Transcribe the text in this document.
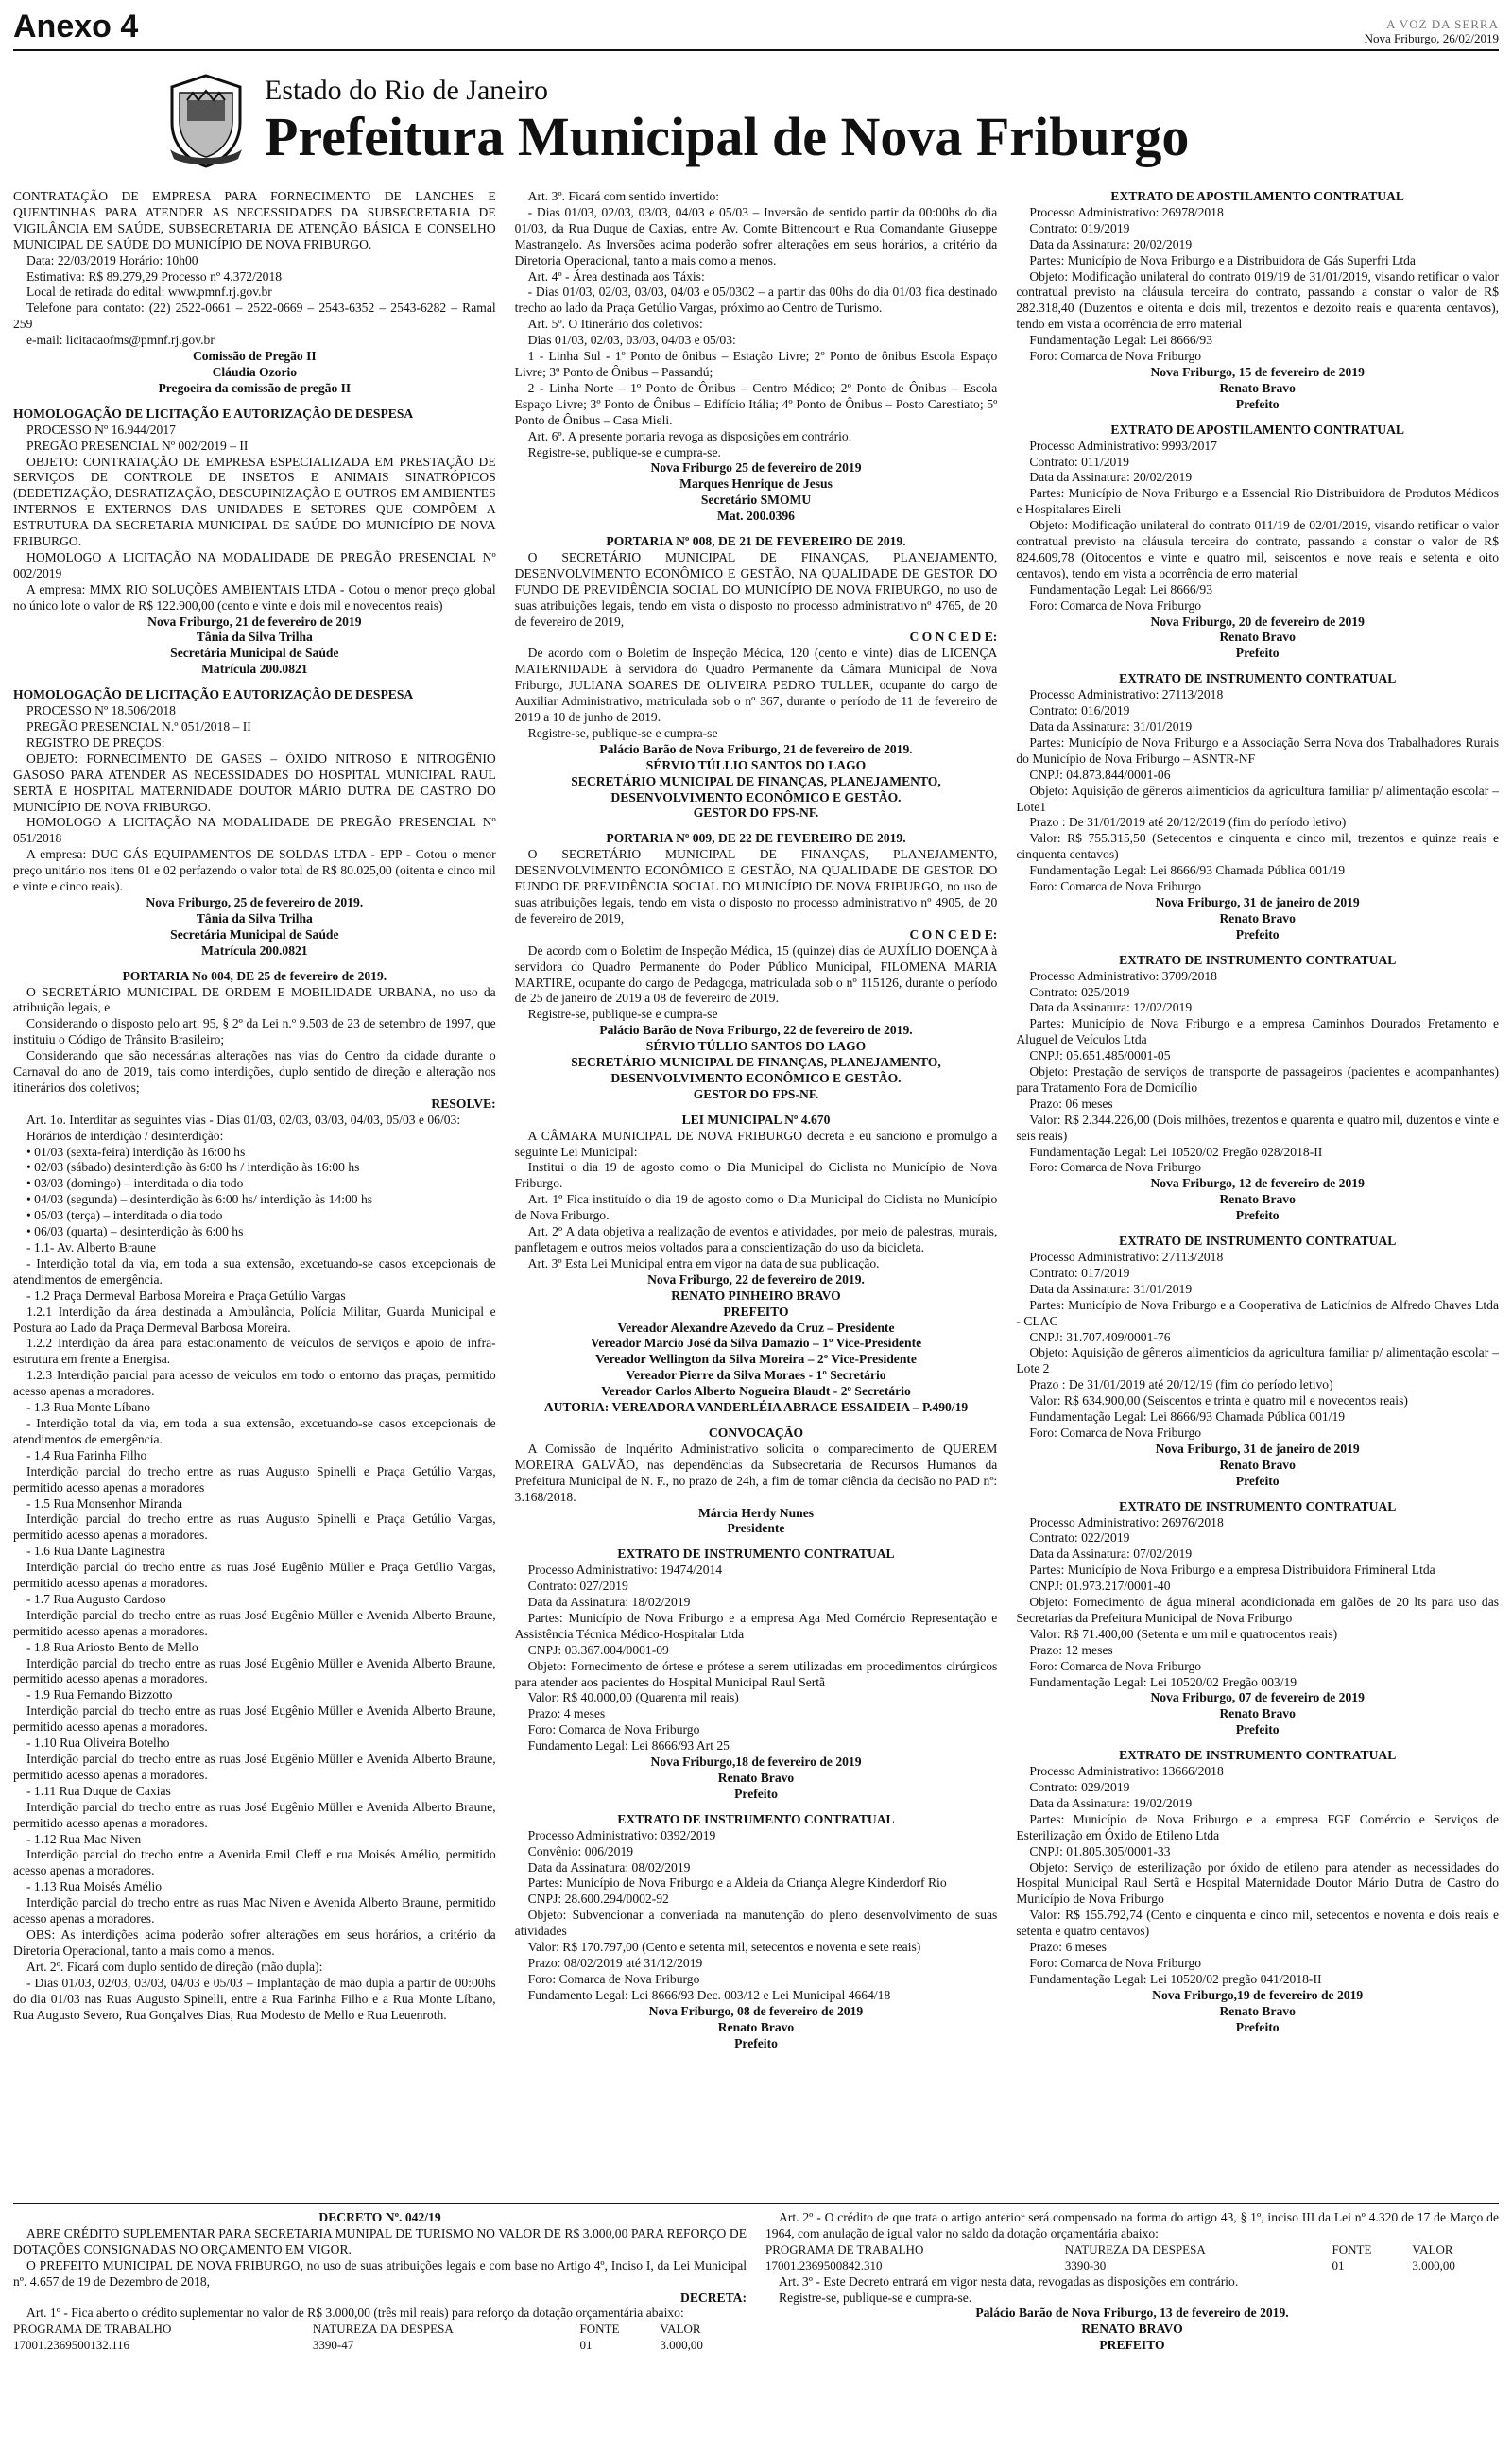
Anexo 4	A VOZ DA SERRA
Nova Friburgo, 26/02/2019
Estado do Rio de Janeiro
Prefeitura Municipal de Nova Friburgo

CONTRATAÇÃO DE EMPRESA PARA FORNECIMENTO DE LANCHES E QUENTINHAS PARA ATENDER AS NECESSIDADES DA SUBSECRETARIA DE VIGILÂNCIA EM SAÚDE, SUBSECRETARIA DE ATENÇÃO BÁSICA E CONSELHO MUNICIPAL DE SAÚDE DO MUNICÍPIO DE NOVA FRIBURGO.

Data: 22/03/2019 Horário: 10h00

Estimativa: R$ 89.279,29 Processo nº 4.372/2018

Local de retirada do edital: www.pmnf.rj.gov.br

Telefone para contato: (22) 2522-0661 – 2522-0669 – 2543-6352 – 2543-6282 – Ramal 259

e-mail: licitacaofms@pmnf.rj.gov.br

Comissão de Pregão II

Cláudia Ozorio

Pregoeira da comissão de pregão II

HOMOLOGAÇÃO DE LICITAÇÃO E AUTORIZAÇÃO DE DESPESA

PROCESSO Nº 16.944/2017

PREGÃO PRESENCIAL Nº 002/2019 – II

OBJETO: CONTRATAÇÃO DE EMPRESA ESPECIALIZADA EM PRESTAÇÃO DE SERVIÇOS DE CONTROLE DE INSETOS E ANIMAIS SINATRÓPICOS (DEDETIZAÇÃO, DESRATIZAÇÃO, DESCUPINIZAÇÃO E OUTROS EM AMBIENTES INTERNOS E EXTERNOS DAS UNIDADES E SETORES QUE COMPÕEM A ESTRUTURA DA SECRETARIA MUNICIPAL DE SAÚDE DO MUNICÍPIO DE NOVA FRIBURGO.

HOMOLOGO A LICITAÇÃO NA MODALIDADE DE PREGÃO PRESENCIAL Nº 002/2019

A empresa: MMX RIO SOLUÇÕES AMBIENTAIS LTDA - Cotou o menor preço global no único lote o valor de R$ 122.900,00 (cento e vinte e dois mil e novecentos reais)

Nova Friburgo, 21 de fevereiro de 2019

Tânia da Silva Trilha

Secretária Municipal de Saúde

Matrícula 200.0821

HOMOLOGAÇÃO DE LICITAÇÃO E AUTORIZAÇÃO DE DESPESA

PROCESSO Nº 18.506/2018

PREGÃO PRESENCIAL N.º 051/2018 – II

REGISTRO DE PREÇOS:

OBJETO: FORNECIMENTO DE GASES – ÓXIDO NITROSO E NITROGÊNIO GASOSO PARA ATENDER AS NECESSIDADES DO HOSPITAL MUNICIPAL RAUL SERTÃ E HOSPITAL MATERNIDADE DOUTOR MÁRIO DUTRA DE CASTRO DO MUNICÍPIO DE NOVA FRIBURGO.

HOMOLOGO A LICITAÇÃO NA MODALIDADE DE PREGÃO PRESENCIAL Nº 051/2018

A empresa: DUC GÁS EQUIPAMENTOS DE SOLDAS LTDA - EPP - Cotou o menor preço unitário nos itens 01 e 02 perfazendo o valor total de R$ 80.025,00 (oitenta e cinco mil e vinte e cinco reais).

Nova Friburgo, 25 de fevereiro de 2019.

Tânia da Silva Trilha

Secretária Municipal de Saúde

Matrícula 200.0821

PORTARIA No 004, DE 25 de fevereiro de 2019.

O SECRETÁRIO MUNICIPAL DE ORDEM E MOBILIDADE URBANA, no uso da atribuição legais, e

Considerando o disposto pelo art. 95, § 2º da Lei n.º 9.503 de 23 de setembro de 1997, que instituiu o Código de Trânsito Brasileiro;

Considerando que são necessárias alterações nas vias do Centro da cidade durante o Carnaval do ano de 2019, tais como interdições, duplo sentido de direção e alteração nos itinerários dos coletivos;

RESOLVE:

Art. 1o. Interditar as seguintes vias - Dias 01/03, 02/03, 03/03, 04/03, 05/03 e 06/03:

Horários de interdição / desinterdição:

• 01/03 (sexta-feira) interdição às 16:00 hs

• 02/03 (sábado) desinterdição às 6:00 hs / interdição às 16:00 hs

• 03/03 (domingo) – interditada o dia todo

• 04/03 (segunda) – desinterdição às 6:00 hs/ interdição às 14:00 hs

• 05/03 (terça) – interditada o dia todo

• 06/03 (quarta) – desinterdição às 6:00 hs

- 1.1- Av. Alberto Braune

- Interdição total da via, em toda a sua extensão, excetuando-se casos excepcionais de atendimentos de emergência.

- 1.2 Praça Dermeval Barbosa Moreira e Praça Getúlio Vargas

1.2.1 Interdição da área destinada a Ambulância, Polícia Militar, Guarda Municipal e Postura ao Lado da Praça Dermeval Barbosa Moreira.

1.2.2 Interdição da área para estacionamento de veículos de serviços e apoio de infra-estrutura em frente a Energisa.

1.2.3 Interdição parcial para acesso de veículos em todo o entorno das praças, permitido acesso apenas a moradores.

- 1.3 Rua Monte Líbano

- Interdição total da via, em toda a sua extensão, excetuando-se casos excepcionais de atendimentos de emergência.

- 1.4 Rua Farinha Filho

Interdição parcial do trecho entre as ruas Augusto Spinelli e Praça Getúlio Vargas, permitido acesso apenas a moradores

- 1.5 Rua Monsenhor Miranda

Interdição parcial do trecho entre as ruas Augusto Spinelli e Praça Getúlio Vargas, permitido acesso apenas a moradores.

- 1.6 Rua Dante Laginestra

Interdição parcial do trecho entre as ruas José Eugênio Müller e Praça Getúlio Vargas, permitido acesso apenas a moradores.

- 1.7 Rua Augusto Cardoso

Interdição parcial do trecho entre as ruas José Eugênio Müller e Avenida Alberto Braune, permitido acesso apenas a moradores.

- 1.8 Rua Ariosto Bento de Mello

Interdição parcial do trecho entre as ruas José Eugênio Müller e Avenida Alberto Braune, permitido acesso apenas a moradores.

- 1.9 Rua Fernando Bizzotto

Interdição parcial do trecho entre as ruas José Eugênio Müller e Avenida Alberto Braune, permitido acesso apenas a moradores.

- 1.10 Rua Oliveira Botelho

Interdição parcial do trecho entre as ruas José Eugênio Müller e Avenida Alberto Braune, permitido acesso apenas a moradores.

- 1.11 Rua Duque de Caxias

Interdição parcial do trecho entre as ruas José Eugênio Müller e Avenida Alberto Braune, permitido acesso apenas a moradores.

- 1.12 Rua Mac Niven

Interdição parcial do trecho entre a Avenida Emil Cleff e rua Moisés Amélio, permitido acesso apenas a moradores.

- 1.13 Rua Moisés Amélio

Interdição parcial do trecho entre as ruas Mac Niven e Avenida Alberto Braune, permitido acesso apenas a moradores.

OBS: As interdições acima poderão sofrer alterações em seus horários, a critério da Diretoria Operacional, tanto a mais como a menos.

Art. 2º. Ficará com duplo sentido de direção (mão dupla):

- Dias 01/03, 02/03, 03/03, 04/03 e 05/03 – Implantação de mão dupla a partir de 00:00hs do dia 01/03 nas Ruas Augusto Spinelli, entre a Rua Farinha Filho e a Rua Monte Líbano, Rua Augusto Severo, Rua Gonçalves Dias, Rua Modesto de Mello e Rua Leuenroth.

Art. 3º. Ficará com sentido invertido:

- Dias 01/03, 02/03, 03/03, 04/03 e 05/03 – Inversão de sentido partir da 00:00hs do dia 01/03, da Rua Duque de Caxias, entre Av. Comte Bittencourt e Rua Comandante Giuseppe Mastrangelo. As Inversões acima poderão sofrer alterações em seus horários, a critério da Diretoria Operacional, tanto a mais como a menos.

Art. 4º - Área destinada aos Táxis:

- Dias 01/03, 02/03, 03/03, 04/03 e 05/0302 – a partir das 00hs do dia 01/03 fica destinado trecho ao lado da Praça Getúlio Vargas, próximo ao Centro de Turismo.

Art. 5º. O Itinerário dos coletivos:

Dias 01/03, 02/03, 03/03, 04/03 e 05/03:

1 - Linha Sul - 1º Ponto de ônibus – Estação Livre; 2º Ponto de ônibus Escola Espaço Livre; 3º Ponto de Ônibus – Passandú;

2 - Linha Norte – 1º Ponto de Ônibus – Centro Médico; 2º Ponto de Ônibus – Escola Espaço Livre; 3º Ponto de Ônibus – Edifício Itália; 4º Ponto de Ônibus – Posto Carestiato; 5º Ponto de Ônibus – Casa Mieli.

Art. 6º. A presente portaria revoga as disposições em contrário.

Registre-se, publique-se e cumpra-se.

Nova Friburgo 25 de fevereiro de 2019

Marques Henrique de Jesus

Secretário SMOMU

Mat. 200.0396

PORTARIA Nº 008, DE 21 DE FEVEREIRO DE 2019.

O SECRETÁRIO MUNICIPAL DE FINANÇAS, PLANEJAMENTO, DESENVOLVIMENTO ECONÔMICO E GESTÃO, NA QUALIDADE DE GESTOR DO FUNDO DE PREVIDÊNCIA SOCIAL DO MUNICÍPIO DE NOVA FRIBURGO, no uso de suas atribuições legais, tendo em vista o disposto no processo administrativo nº 4765, de 20 de fevereiro de 2019,

C O N C E D E:

De acordo com o Boletim de Inspeção Médica, 120 (cento e vinte) dias de LICENÇA MATERNIDADE à servidora do Quadro Permanente da Câmara Municipal de Nova Friburgo, JULIANA SOARES DE OLIVEIRA PEDRO TULLER, ocupante do cargo de Auxiliar Administrativo, matriculada sob o nº 367, durante o período de 11 de fevereiro de 2019 a 10 de junho de 2019.

Registre-se, publique-se e cumpra-se

Palácio Barão de Nova Friburgo, 21 de fevereiro de 2019.

SÉRVIO TÚLLIO SANTOS DO LAGO

SECRETÁRIO MUNICIPAL DE FINANÇAS, PLANEJAMENTO, DESENVOLVIMENTO ECONÔMICO E GESTÃO.

GESTOR DO FPS-NF.

PORTARIA Nº 009, DE 22 DE FEVEREIRO DE 2019.

O SECRETÁRIO MUNICIPAL DE FINANÇAS, PLANEJAMENTO, DESENVOLVIMENTO ECONÔMICO E GESTÃO, NA QUALIDADE DE GESTOR DO FUNDO DE PREVIDÊNCIA SOCIAL DO MUNICÍPIO DE NOVA FRIBURGO, no uso de suas atribuições legais, tendo em vista o disposto no processo administrativo nº 4905, de 20 de fevereiro de 2019,

C O N C E D E:

De acordo com o Boletim de Inspeção Médica, 15 (quinze) dias de AUXÍLIO DOENÇA à servidora do Quadro Permanente do Poder Público Municipal, FILOMENA MARIA MARTIRE, ocupante do cargo de Pedagoga, matriculada sob o nº 115126, durante o período de 25 de janeiro de 2019 a 08 de fevereiro de 2019.

Registre-se, publique-se e cumpra-se

Palácio Barão de Nova Friburgo, 22 de fevereiro de 2019.

SÉRVIO TÚLLIO SANTOS DO LAGO

SECRETÁRIO MUNICIPAL DE FINANÇAS, PLANEJAMENTO, DESENVOLVIMENTO ECONÔMICO E GESTÃO.

GESTOR DO FPS-NF.

LEI MUNICIPAL Nº 4.670

A CÂMARA MUNICIPAL DE NOVA FRIBURGO decreta e eu sanciono e promulgo a seguinte Lei Municipal:

Institui o dia 19 de agosto como o Dia Municipal do Ciclista no Município de Nova Friburgo.

Art. 1º Fica instituído o dia 19 de agosto como o Dia Municipal do Ciclista no Município de Nova Friburgo.

Art. 2º A data objetiva a realização de eventos e atividades, por meio de palestras, murais, panfletagem e outros meios voltados para a conscientização do uso da bicicleta.

Art. 3º Esta Lei Municipal entra em vigor na data de sua publicação.

Nova Friburgo, 22 de fevereiro de 2019.

RENATO PINHEIRO BRAVO

PREFEITO

Vereador Alexandre Azevedo da Cruz – Presidente

Vereador Marcio José da Silva Damazio – 1º Vice-Presidente

Vereador Wellington da Silva Moreira – 2º Vice-Presidente

Vereador Pierre da Silva Moraes - 1º Secretário

Vereador Carlos Alberto Nogueira Blaudt - 2º Secretário

AUTORIA: VEREADORA VANDERLÉIA ABRACE ESSAIDEIA – P.490/19

CONVOCAÇÃO

A Comissão de Inquérito Administrativo solicita o comparecimento de QUEREM MOREIRA GALVÃO, nas dependências da Subsecretaria de Recursos Humanos da Prefeitura Municipal de N. F., no prazo de 24h, a fim de tomar ciência da decisão no PAD nº: 3.168/2018.

Márcia Herdy Nunes

Presidente

EXTRATO DE INSTRUMENTO CONTRATUAL

Processo Administrativo: 19474/2014

Contrato: 027/2019

Data da Assinatura: 18/02/2019

Partes: Município de Nova Friburgo e a empresa Aga Med Comércio Representação e Assistência Técnica Médico-Hospitalar Ltda

CNPJ: 03.367.004/0001-09

Objeto: Fornecimento de órtese e prótese a serem utilizadas em procedimentos cirúrgicos para atender aos pacientes do Hospital Municipal Raul Sertã

Valor: R$ 40.000,00 (Quarenta mil reais)

Prazo: 4 meses

Foro: Comarca de Nova Friburgo

Fundamento Legal: Lei 8666/93 Art 25

Nova Friburgo,18 de fevereiro de 2019

Renato Bravo

Prefeito

EXTRATO DE INSTRUMENTO CONTRATUAL

Processo Administrativo: 0392/2019

Convênio: 006/2019

Data da Assinatura: 08/02/2019

Partes: Município de Nova Friburgo e a Aldeia da Criança Alegre Kinderdorf Rio

CNPJ: 28.600.294/0002-92

Objeto: Subvencionar a conveniada na manutenção do pleno desenvolvimento de suas atividades

Valor: R$ 170.797,00 (Cento e setenta mil, setecentos e noventa e sete reais)

Prazo: 08/02/2019 até 31/12/2019

Foro: Comarca de Nova Friburgo

Fundamento Legal: Lei 8666/93 Dec. 003/12 e Lei Municipal 4664/18

Nova Friburgo, 08 de fevereiro de 2019

Renato Bravo

Prefeito

EXTRATO DE APOSTILAMENTO CONTRATUAL

Processo Administrativo: 26978/2018

Contrato: 019/2019

Data da Assinatura: 20/02/2019

Partes: Município de Nova Friburgo e a Distribuidora de Gás Superfri Ltda

Objeto: Modificação unilateral do contrato 019/19 de 31/01/2019, visando retificar o valor contratual previsto na cláusula terceira do contrato, passando a constar o valor de R$ 282.318,40 (Duzentos e oitenta e dois mil, trezentos e dezoito reais e quarenta centavos), tendo em vista a ocorrência de erro material

Fundamentação Legal: Lei 8666/93

Foro: Comarca de Nova Friburgo

Nova Friburgo, 15 de fevereiro de 2019

Renato Bravo

Prefeito

EXTRATO DE APOSTILAMENTO CONTRATUAL

Processo Administrativo: 9993/2017

Contrato: 011/2019

Data da Assinatura: 20/02/2019

Partes: Município de Nova Friburgo e a Essencial Rio Distribuidora de Produtos Médicos e Hospitalares Eireli

Objeto: Modificação unilateral do contrato 011/19 de 02/01/2019, visando retificar o valor contratual previsto na cláusula terceira do contrato, passando a constar o valor de R$ 824.609,78 (Oitocentos e vinte e quatro mil, seiscentos e nove reais e setenta e oito centavos), tendo em vista a ocorrência de erro material

Fundamentação Legal: Lei 8666/93

Foro: Comarca de Nova Friburgo

Nova Friburgo, 20 de fevereiro de 2019

Renato Bravo

Prefeito

EXTRATO DE INSTRUMENTO CONTRATUAL

Processo Administrativo: 27113/2018

Contrato: 016/2019

Data da Assinatura: 31/01/2019

Partes: Município de Nova Friburgo e a Associação Serra Nova dos Trabalhadores Rurais do Município de Nova Friburgo – ASNTR-NF

CNPJ: 04.873.844/0001-06

Objeto: Aquisição de gêneros alimentícios da agricultura familiar p/ alimentação escolar – Lote1

Prazo : De 31/01/2019 até 20/12/2019 (fim do período letivo)

Valor: R$ 755.315,50 (Setecentos e cinquenta e cinco mil, trezentos e quinze reais e cinquenta centavos)

Fundamentação Legal: Lei 8666/93 Chamada Pública 001/19

Foro: Comarca de Nova Friburgo

Nova Friburgo, 31 de janeiro de 2019

Renato Bravo

Prefeito

EXTRATO DE INSTRUMENTO CONTRATUAL

Processo Administrativo: 3709/2018

Contrato: 025/2019

Data da Assinatura: 12/02/2019

Partes: Município de Nova Friburgo e a empresa Caminhos Dourados Fretamento e Aluguel de Veículos Ltda

CNPJ: 05.651.485/0001-05

Objeto: Prestação de serviços de transporte de passageiros (pacientes e acompanhantes) para Tratamento Fora de Domicílio

Prazo: 06 meses

Valor: R$ 2.344.226,00 (Dois milhões, trezentos e quarenta e quatro mil, duzentos e vinte e seis reais)

Fundamentação Legal: Lei 10520/02 Pregão 028/2018-II

Foro: Comarca de Nova Friburgo

Nova Friburgo, 12 de fevereiro de 2019

Renato Bravo

Prefeito

EXTRATO DE INSTRUMENTO CONTRATUAL

Processo Administrativo: 27113/2018

Contrato: 017/2019

Data da Assinatura: 31/01/2019

Partes: Município de Nova Friburgo e a Cooperativa de Laticínios de Alfredo Chaves Ltda - CLAC

CNPJ: 31.707.409/0001-76

Objeto: Aquisição de gêneros alimentícios da agricultura familiar p/ alimentação escolar – Lote 2

Prazo : De 31/01/2019 até 20/12/19 (fim do período letivo)

Valor: R$ 634.900,00 (Seiscentos e trinta e quatro mil e novecentos reais)

Fundamentação Legal: Lei 8666/93 Chamada Pública 001/19

Foro: Comarca de Nova Friburgo

Nova Friburgo, 31 de janeiro de 2019

Renato Bravo

Prefeito

EXTRATO DE INSTRUMENTO CONTRATUAL

Processo Administrativo: 26976/2018

Contrato: 022/2019

Data da Assinatura: 07/02/2019

Partes: Município de Nova Friburgo e a empresa Distribuidora Frimineral Ltda

CNPJ: 01.973.217/0001-40

Objeto: Fornecimento de água mineral acondicionada em galões de 20 lts para uso das Secretarias da Prefeitura Municipal de Nova Friburgo

Valor: R$ 71.400,00 (Setenta e um mil e quatrocentos reais)

Prazo: 12 meses

Foro: Comarca de Nova Friburgo

Fundamentação Legal: Lei 10520/02 Pregão 003/19

Nova Friburgo, 07 de fevereiro de 2019

Renato Bravo

Prefeito

EXTRATO DE INSTRUMENTO CONTRATUAL

Processo Administrativo: 13666/2018

Contrato: 029/2019

Data da Assinatura: 19/02/2019

Partes: Município de Nova Friburgo e a empresa FGF Comércio e Serviços de Esterilização em Óxido de Etileno Ltda

CNPJ: 01.805.305/0001-33

Objeto: Serviço de esterilização por óxido de etileno para atender as necessidades do Hospital Municipal Raul Sertã e Hospital Maternidade Doutor Mário Dutra de Castro do Município de Nova Friburgo

Valor: R$ 155.792,74 (Cento e cinquenta e cinco mil, setecentos e noventa e dois reais e setenta e quatro centavos)

Prazo: 6 meses

Foro: Comarca de Nova Friburgo

Fundamentação Legal: Lei 10520/02 pregão 041/2018-II

Nova Friburgo,19 de fevereiro de 2019

Renato Bravo

Prefeito

DECRETO Nº. 042/19

ABRE CRÉDITO SUPLEMENTAR PARA SECRETARIA MUNIPAL DE TURISMO NO VALOR DE R$ 3.000,00 PARA REFORÇO DE DOTAÇÕES CONSIGNADAS NO ORÇAMENTO EM VIGOR.

O PREFEITO MUNICIPAL DE NOVA FRIBURGO, no uso de suas atribuições legais e com base no Artigo 4º, Inciso I, da Lei Municipal nº. 4.657 de 19 de Dezembro de 2018,

DECRETA:

Art. 1º - Fica aberto o crédito suplementar no valor de R$ 3.000,00 (três mil reais) para reforço da dotação orçamentária abaixo:

PROGRAMA DE TRABALHO	NATUREZA DA DESPESA	FONTE	VALOR
17001.2369500132.116	3390-47	01	3.000,00

Art. 2º - O crédito de que trata o artigo anterior será compensado na forma do artigo 43, § 1º, inciso III da Lei nº 4.320 de 17 de Março de 1964, com anulação de igual valor no saldo da dotação orçamentária abaixo:

PROGRAMA DE TRABALHO	NATUREZA DA DESPESA	FONTE	VALOR
17001.2369500842.310	3390-30	01	3.000,00

Art. 3º - Este Decreto entrará em vigor nesta data, revogadas as disposições em contrário.

Registre-se, publique-se e cumpra-se.

Palácio Barão de Nova Friburgo, 13 de fevereiro de 2019.

RENATO BRAVO

PREFEITO
